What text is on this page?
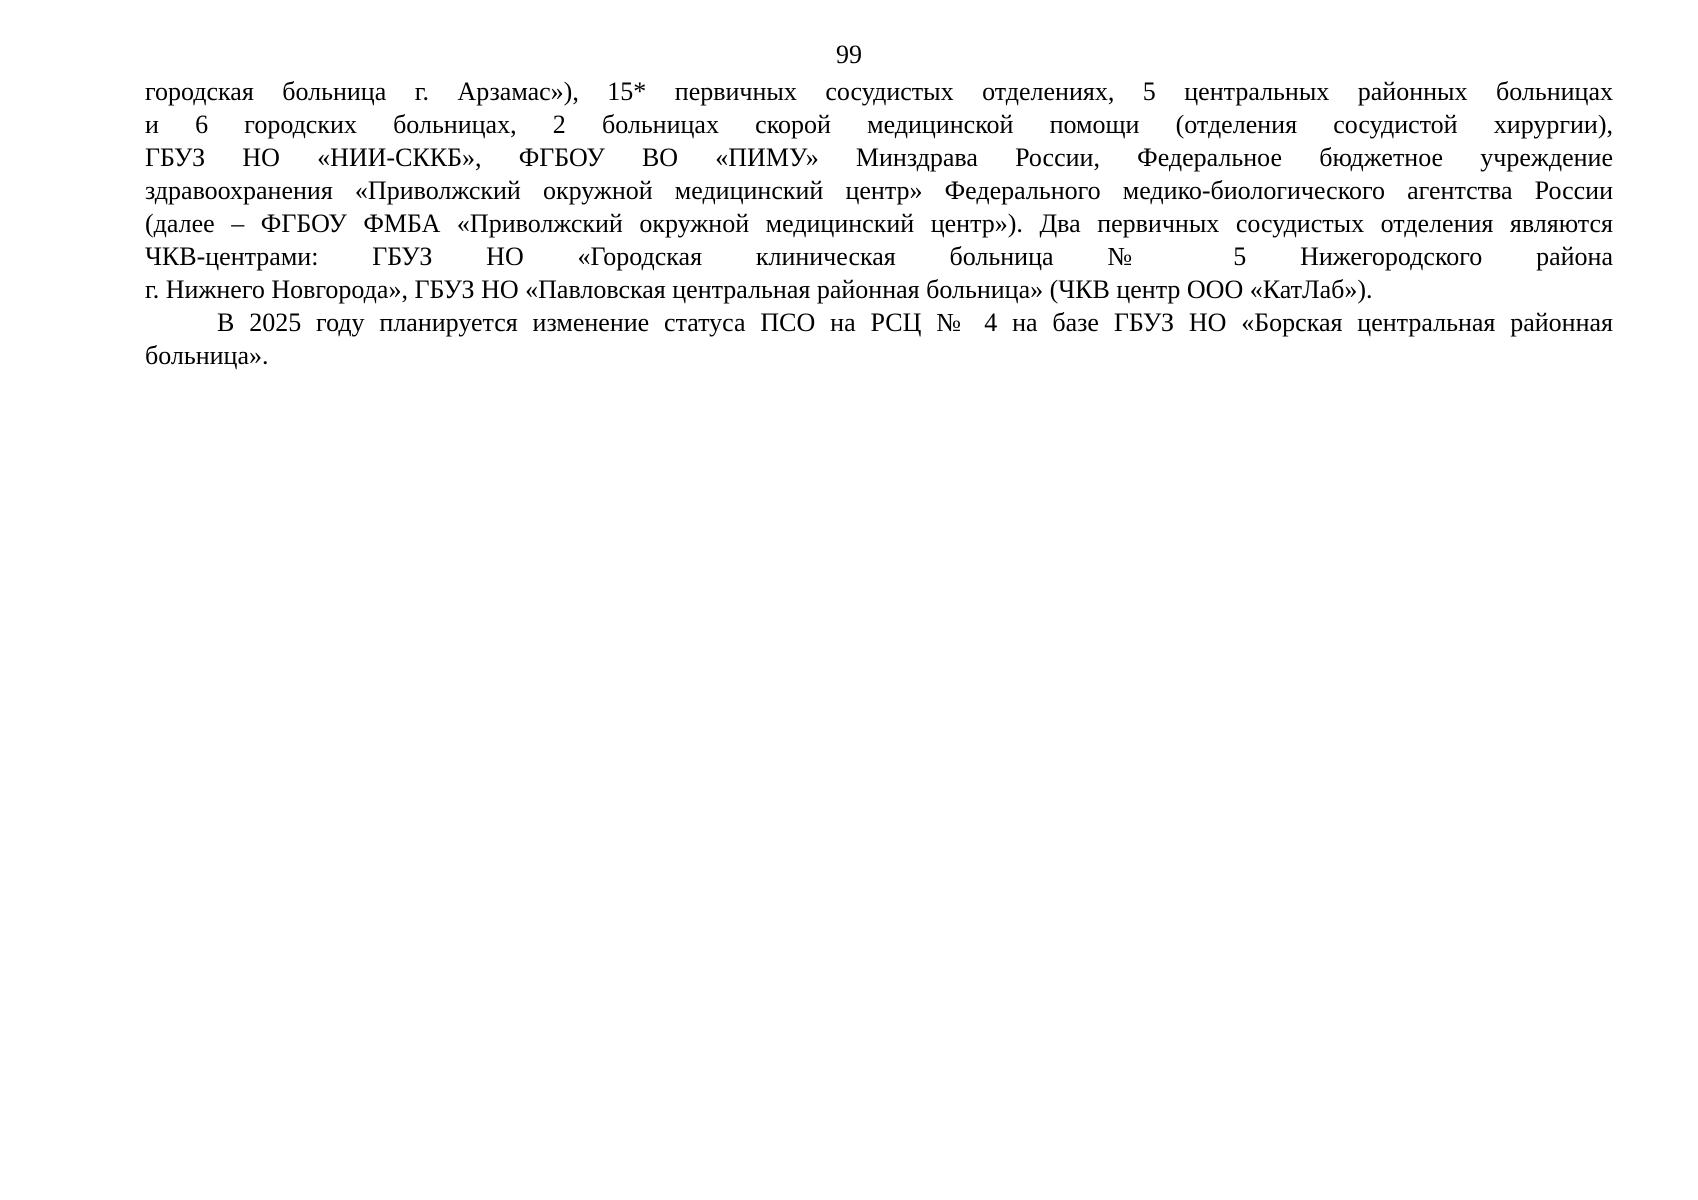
99
городская больница г. Арзамас»), 15* первичных сосудистых отделениях, 5 центральных районных больницах
и 6 городских больницах, 2 больницах скорой медицинской помощи (отделения сосудистой хирургии),
ГБУЗ НО «НИИ-СККБ», ФГБОУ ВО «ПИМУ» Минздрава России, Федеральное бюджетное учреждение
здравоохранения «Приволжский окружной медицинский центр» Федерального медико-биологического агентства России
(далее – ФГБОУ ФМБА «Приволжский окружной медицинский центр»). Два первичных сосудистых отделения являются
ЧКВ-центрами: ГБУЗ НО «Городская клиническая больница № 5 Нижегородского района
г. Нижнего Новгорода», ГБУЗ НО «Павловская центральная районная больница» (ЧКВ центр ООО «КатЛаб»).
В 2025 году планируется изменение статуса ПСО на РСЦ № 4 на базе ГБУЗ НО «Борская центральная районная
больница».
